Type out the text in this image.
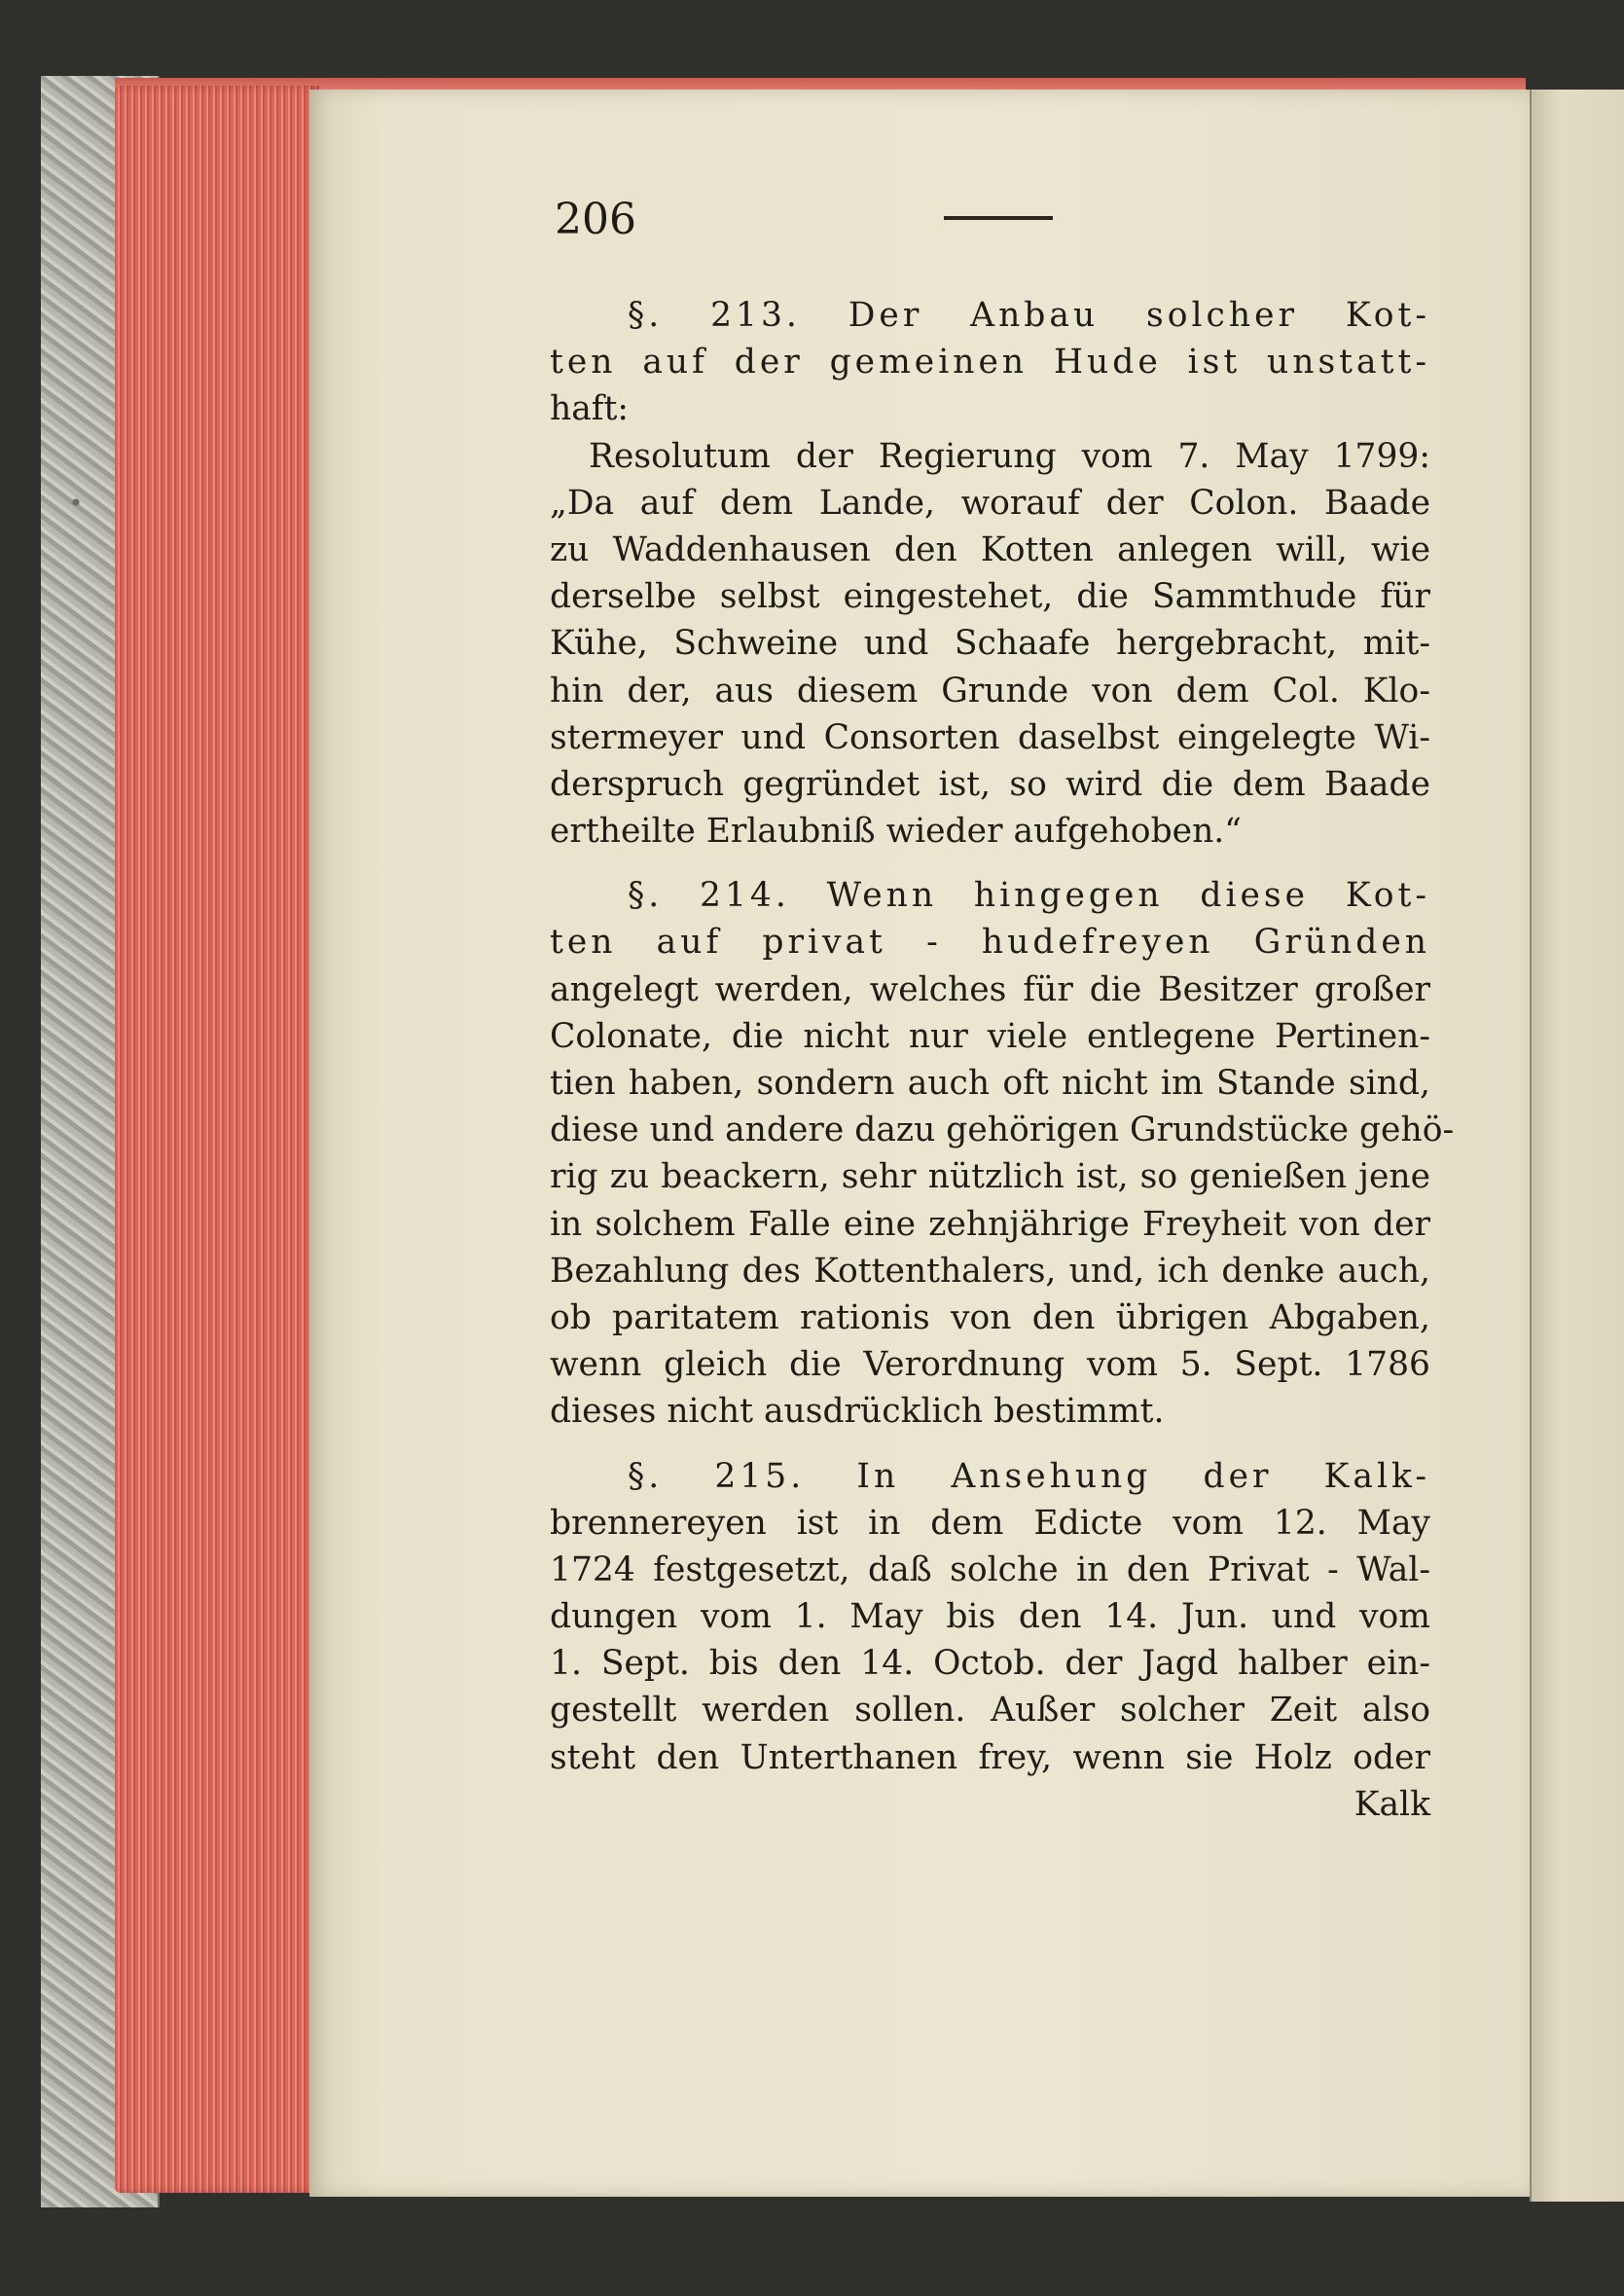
206
§. 213. Der Anbau solcher Kot-
ten auf der gemeinen Hude ist unstatt-
haft:
Resolutum der Regierung vom 7. May 1799:
„Da auf dem Lande, worauf der Colon. Baade
zu Waddenhausen den Kotten anlegen will, wie
derselbe selbst eingestehet, die Sammthude für
Kühe, Schweine und Schaafe hergebracht, mit-
hin der, aus diesem Grunde von dem Col. Klo-
stermeyer und Consorten daselbst eingelegte Wi-
derspruch gegründet ist, so wird die dem Baade
ertheilte Erlaubniß wieder aufgehoben.“
§. 214. Wenn hingegen diese Kot-
ten auf privat - hudefreyen Gründen
angelegt werden, welches für die Besitzer großer
Colonate, die nicht nur viele entlegene Pertinen-
tien haben, sondern auch oft nicht im Stande sind,
diese und andere dazu gehörigen Grundstücke gehö-
rig zu beackern, sehr nützlich ist, so genießen jene
in solchem Falle eine zehnjährige Freyheit von der
Bezahlung des Kottenthalers, und, ich denke auch,
ob paritatem rationis von den übrigen Abgaben,
wenn gleich die Verordnung vom 5. Sept. 1786
dieses nicht ausdrücklich bestimmt.
§. 215. In Ansehung der Kalk-
brennereyen ist in dem Edicte vom 12. May
1724 festgesetzt, daß solche in den Privat - Wal-
dungen vom 1. May bis den 14. Jun. und vom
1. Sept. bis den 14. Octob. der Jagd halber ein-
gestellt werden sollen. Außer solcher Zeit also
steht den Unterthanen frey, wenn sie Holz oder
Kalk
